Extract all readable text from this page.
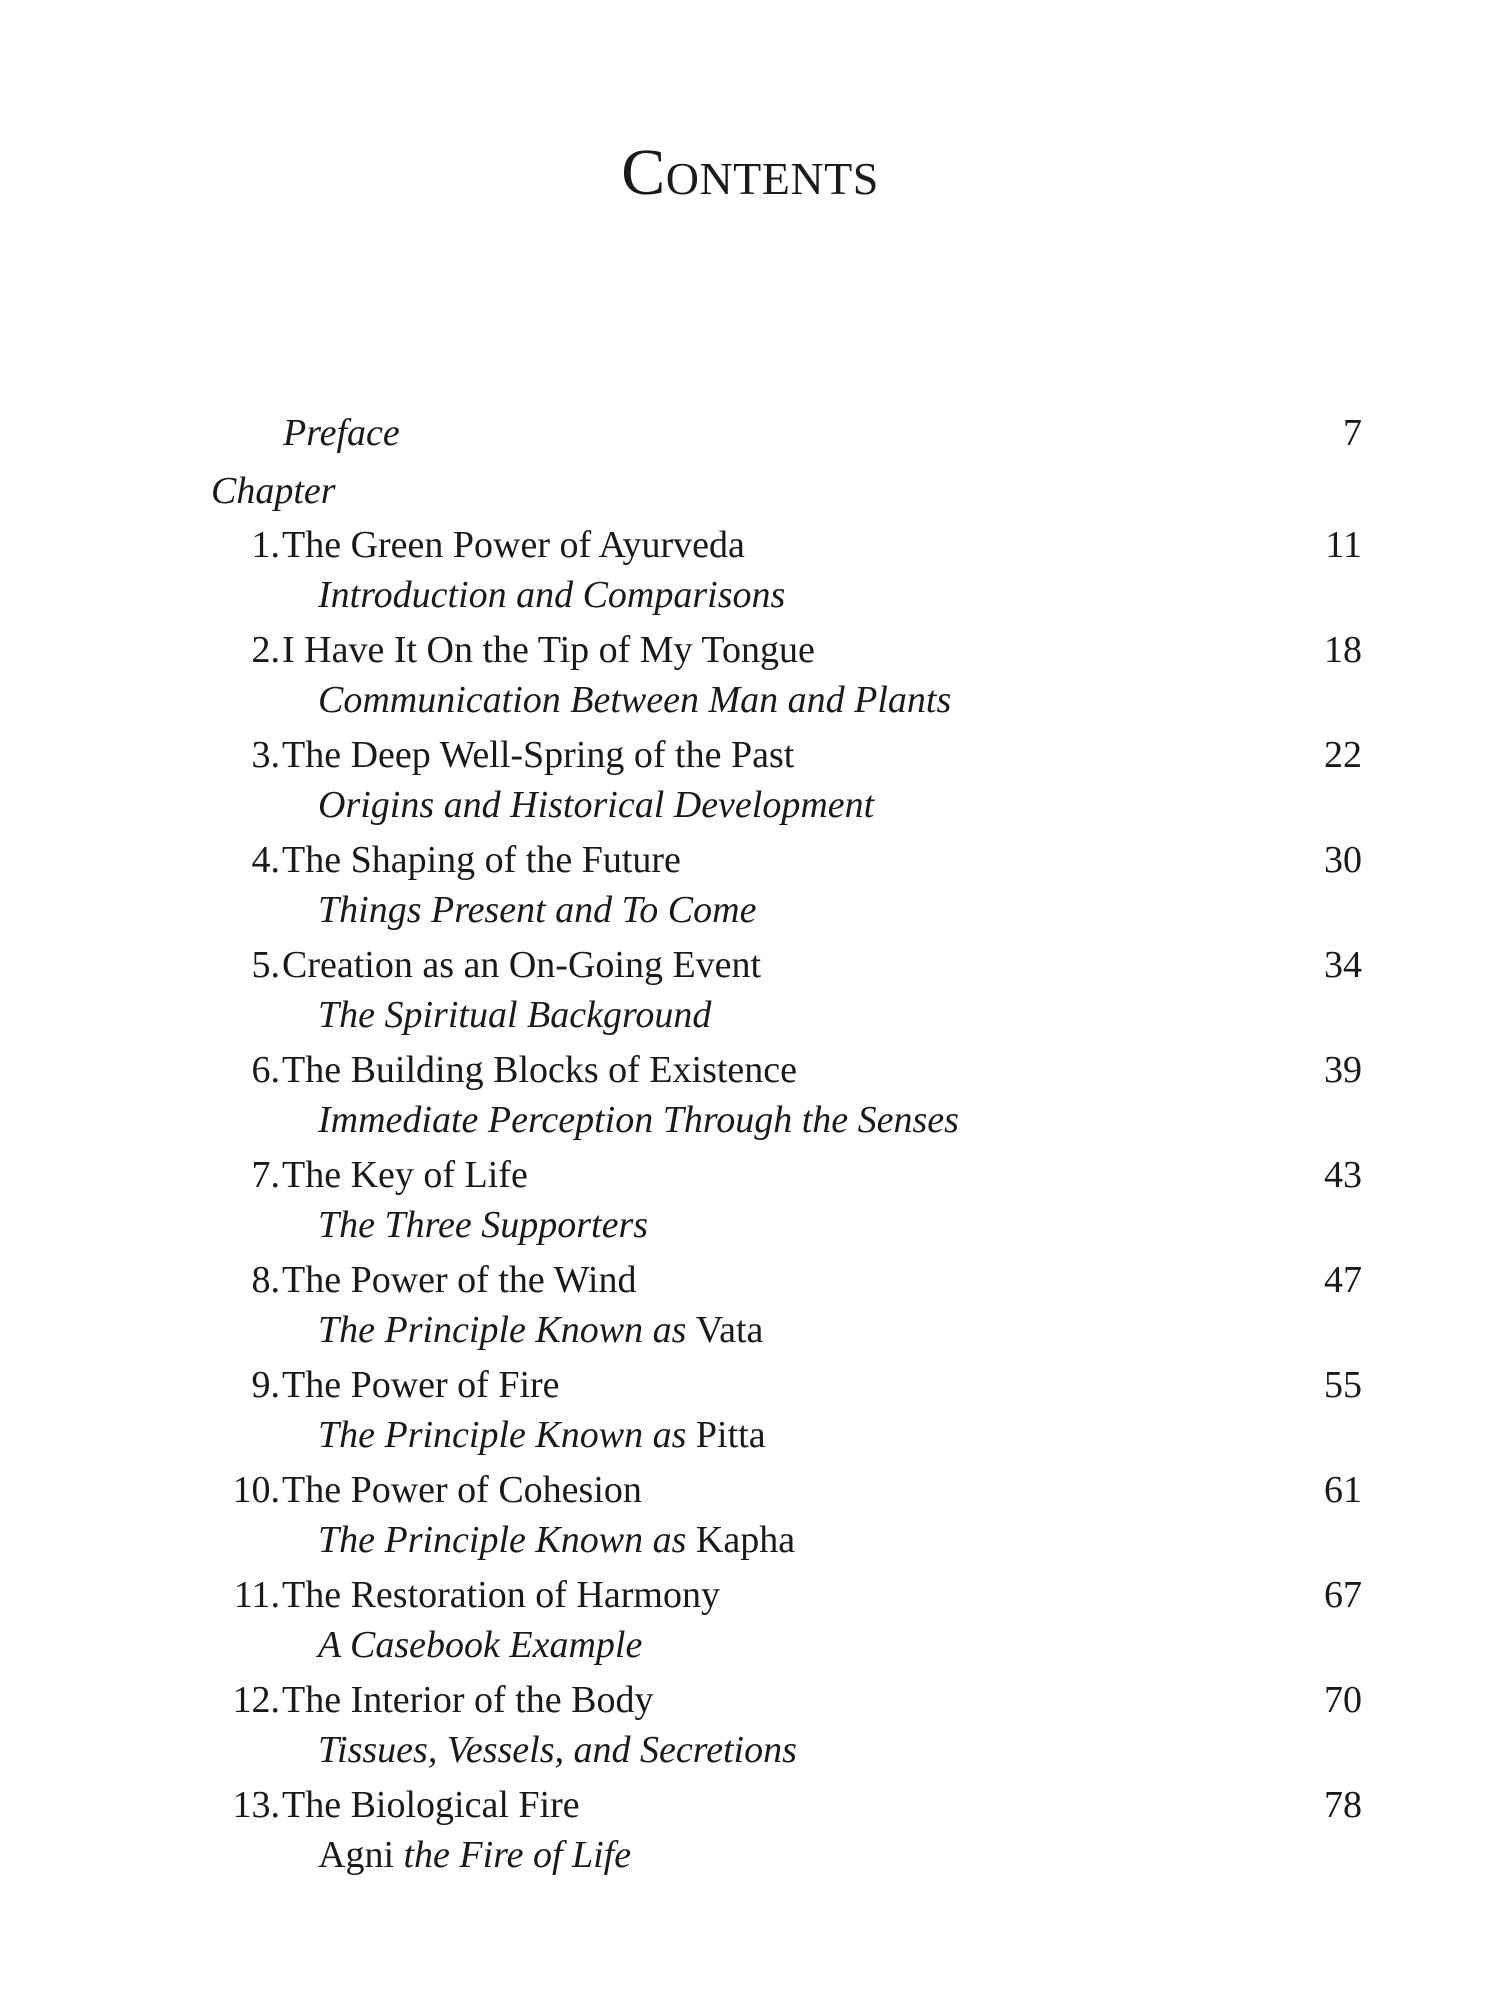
Contents
Preface	7
Chapter
1. The Green Power of Ayurveda	11
Introduction and Comparisons
2. I Have It On the Tip of My Tongue	18
Communication Between Man and Plants
3. The Deep Well-Spring of the Past	22
Origins and Historical Development
4. The Shaping of the Future	30
Things Present and To Come
5. Creation as an On-Going Event	34
The Spiritual Background
6. The Building Blocks of Existence	39
Immediate Perception Through the Senses
7. The Key of Life	43
The Three Supporters
8. The Power of the Wind	47
The Principle Known as Vata
9. The Power of Fire	55
The Principle Known as Pitta
10. The Power of Cohesion	61
The Principle Known as Kapha
11. The Restoration of Harmony	67
A Casebook Example
12. The Interior of the Body	70
Tissues, Vessels, and Secretions
13. The Biological Fire	78
Agni the Fire of Life
